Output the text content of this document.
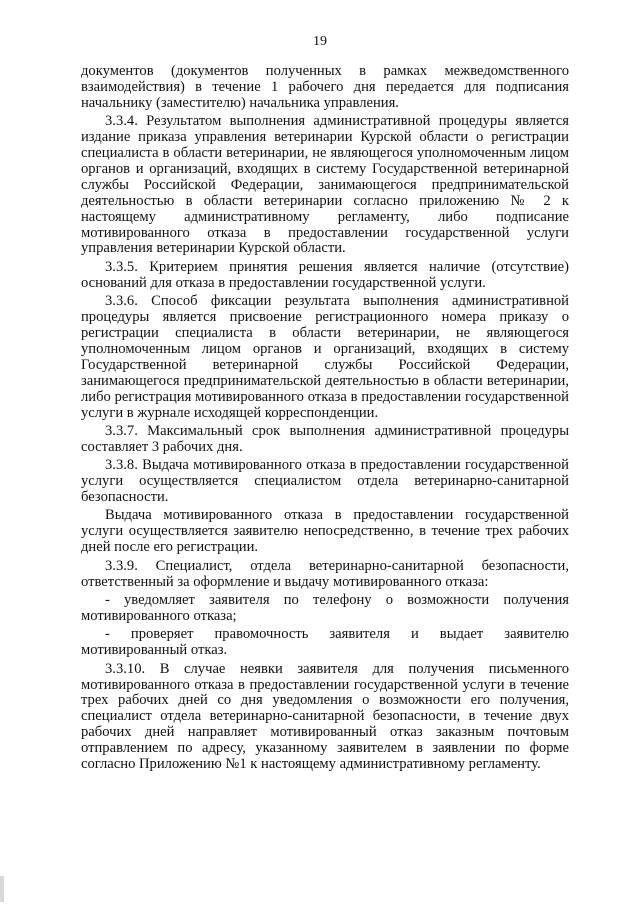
19

документов (документов полученных в рамках межведомственного взаимодействия) в течение 1 рабочего дня передается для подписания начальнику (заместителю) начальника управления.

3.3.4. Результатом выполнения административной процедуры является издание приказа управления ветеринарии Курской области о регистрации специалиста в области ветеринарии, не являющегося уполномоченным лицом органов и организаций, входящих в систему Государственной ветеринарной службы Российской Федерации, занимающегося предпринимательской деятельностью в области ветеринарии согласно приложению № 2 к настоящему административному регламенту, либо подписание мотивированного отказа в предоставлении государственной услуги управления ветеринарии Курской области.

3.3.5. Критерием принятия решения является наличие (отсутствие) оснований для отказа в предоставлении государственной услуги.

3.3.6. Способ фиксации результата выполнения административной процедуры является присвоение регистрационного номера приказу о регистрации специалиста в области ветеринарии, не являющегося уполномоченным лицом органов и организаций, входящих в систему Государственной ветеринарной службы Российской Федерации, занимающегося предпринимательской деятельностью в области ветеринарии, либо регистрация мотивированного отказа в предоставлении государственной услуги в журнале исходящей корреспонденции.

3.3.7. Максимальный срок выполнения административной процедуры составляет 3 рабочих дня.

3.3.8. Выдача мотивированного отказа в предоставлении государственной услуги осуществляется специалистом отдела ветеринарно-санитарной безопасности.

Выдача мотивированного отказа в предоставлении государственной услуги осуществляется заявителю непосредственно, в течение трех рабочих дней после его регистрации.

3.3.9. Специалист, отдела ветеринарно-санитарной безопасности, ответственный за оформление и выдачу мотивированного отказа:

- уведомляет заявителя по телефону о возможности получения мотивированного отказа;

- проверяет правомочность заявителя и выдает заявителю мотивированный отказ.

3.3.10. В случае неявки заявителя для получения письменного мотивированного отказа в предоставлении государственной услуги в течение трех рабочих дней со дня уведомления о возможности его получения, специалист отдела ветеринарно-санитарной безопасности, в течение двух рабочих дней направляет мотивированный отказ заказным почтовым отправлением по адресу, указанному заявителем в заявлении по форме согласно Приложению №1 к настоящему административному регламенту.
